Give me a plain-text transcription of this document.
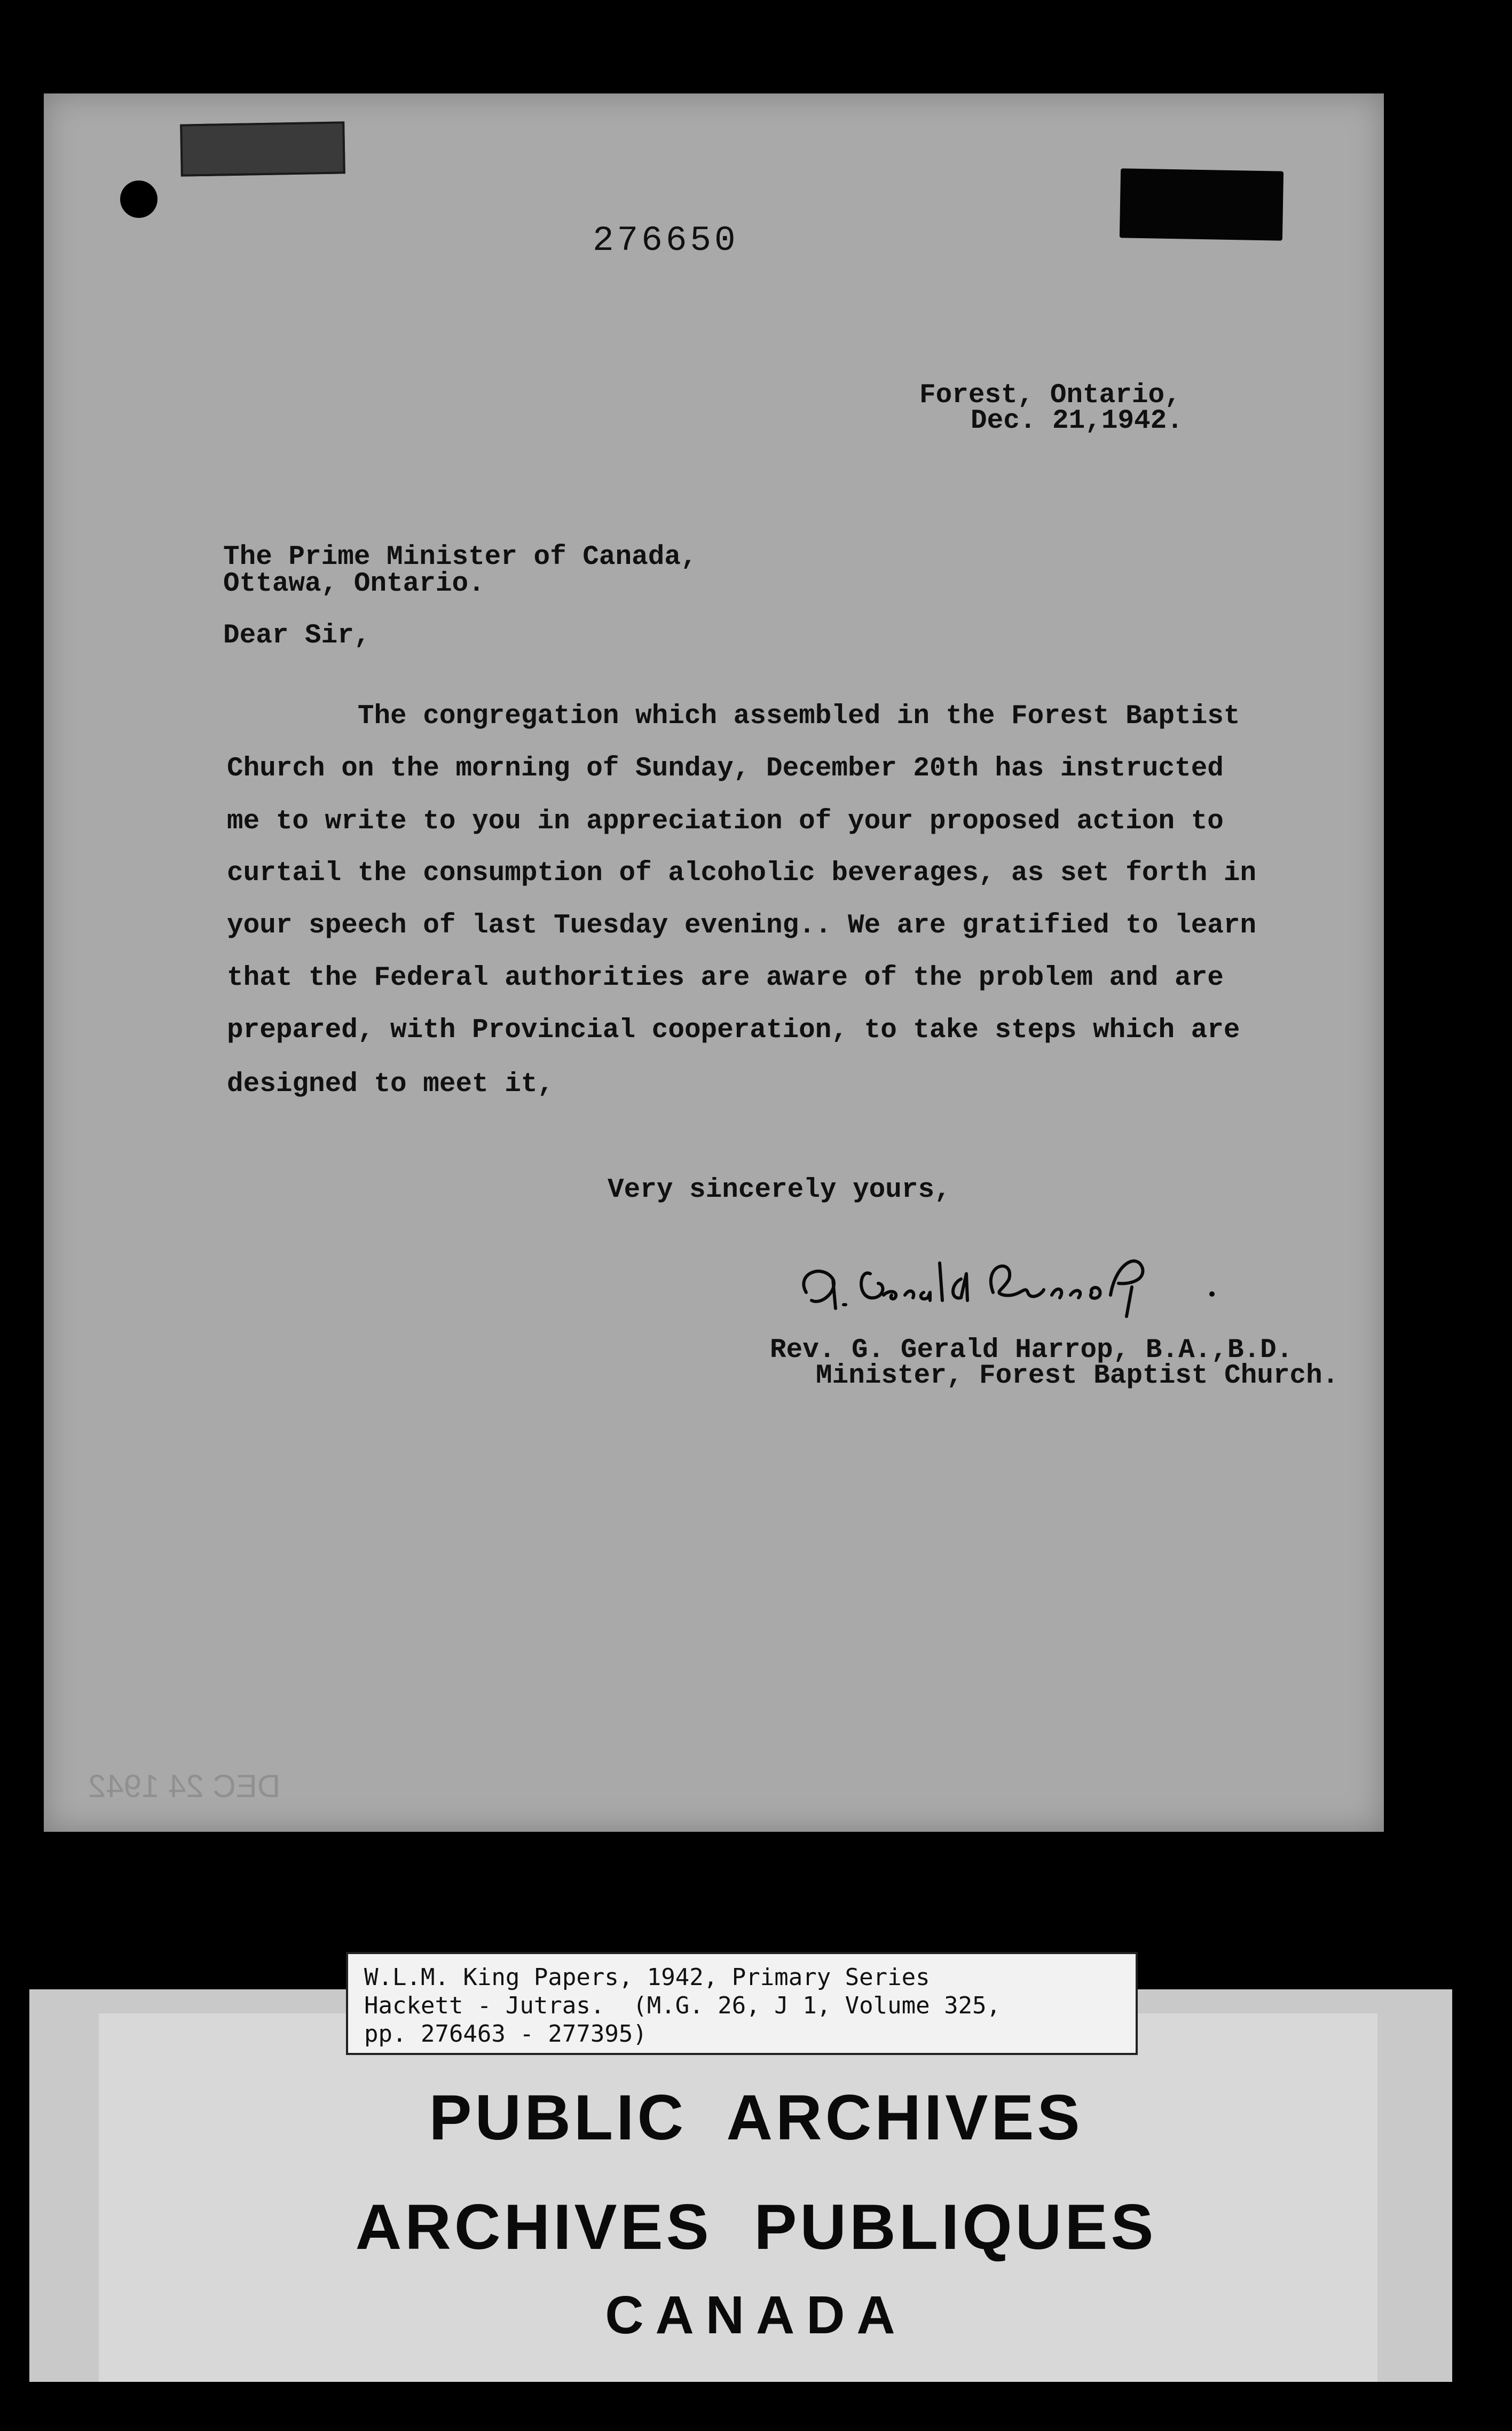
DEC 24 1942
276650
Forest, Ontario,
Dec. 21,1942.
The Prime Minister of Canada,
Ottawa, Ontario.
Dear Sir,
The congregation which assembled in the Forest Baptist
Church on the morning of Sunday, December 20th has instructed
me to write to you in appreciation of your proposed action to
curtail the consumption of alcoholic beverages, as set forth in
your speech of last Tuesday evening.. We are gratified to learn
that the Federal authorities are aware of the problem and are
prepared, with Provincial cooperation, to take steps which are
designed to meet it,
Very sincerely yours,
Rev. G. Gerald Harrop, B.A.,B.D.
Minister, Forest Baptist Church.
W.L.M. King Papers, 1942, Primary Series
Hackett - Jutras.  (M.G. 26, J 1, Volume 325,
pp. 276463 - 277395)
PUBLIC  ARCHIVES
ARCHIVES  PUBLIQUES
CANADA
